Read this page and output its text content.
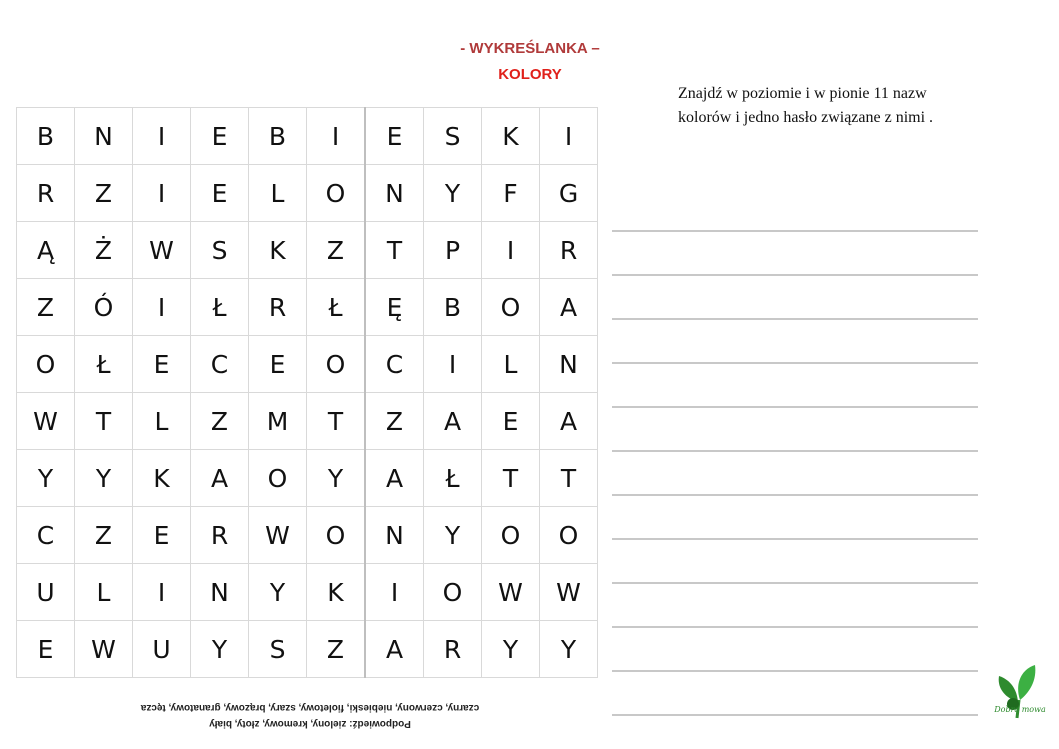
- WYKREŚLANKA –
KOLORY
B	N	I	E	B	I	E	S	K	I
R	Z	I	E	L	O	N	Y	F	G
Ą	Ż	W	S	K	Z	T	P	I	R
Z	Ó	I	Ł	R	Ł	Ę	B	O	A
O	Ł	E	C	E	O	C	I	L	N
W	T	L	Z	M	T	Z	A	E	A
Y	Y	K	A	O	Y	A	Ł	T	T
C	Z	E	R	W	O	N	Y	O	O
U	L	I	N	Y	K	I	O	W	W
E	W	U	Y	S	Z	A	R	Y	Y
Znajdź w poziomie i w pionie 11 nazw kolorów i jedno hasło związane z nimi .
czarny, czerwony, niebieski, fioletowy, szary, brązowy, granatowy, tęcza
Podpowiedź: zielony, kremowy, złoty, biały
Dobra mowa
